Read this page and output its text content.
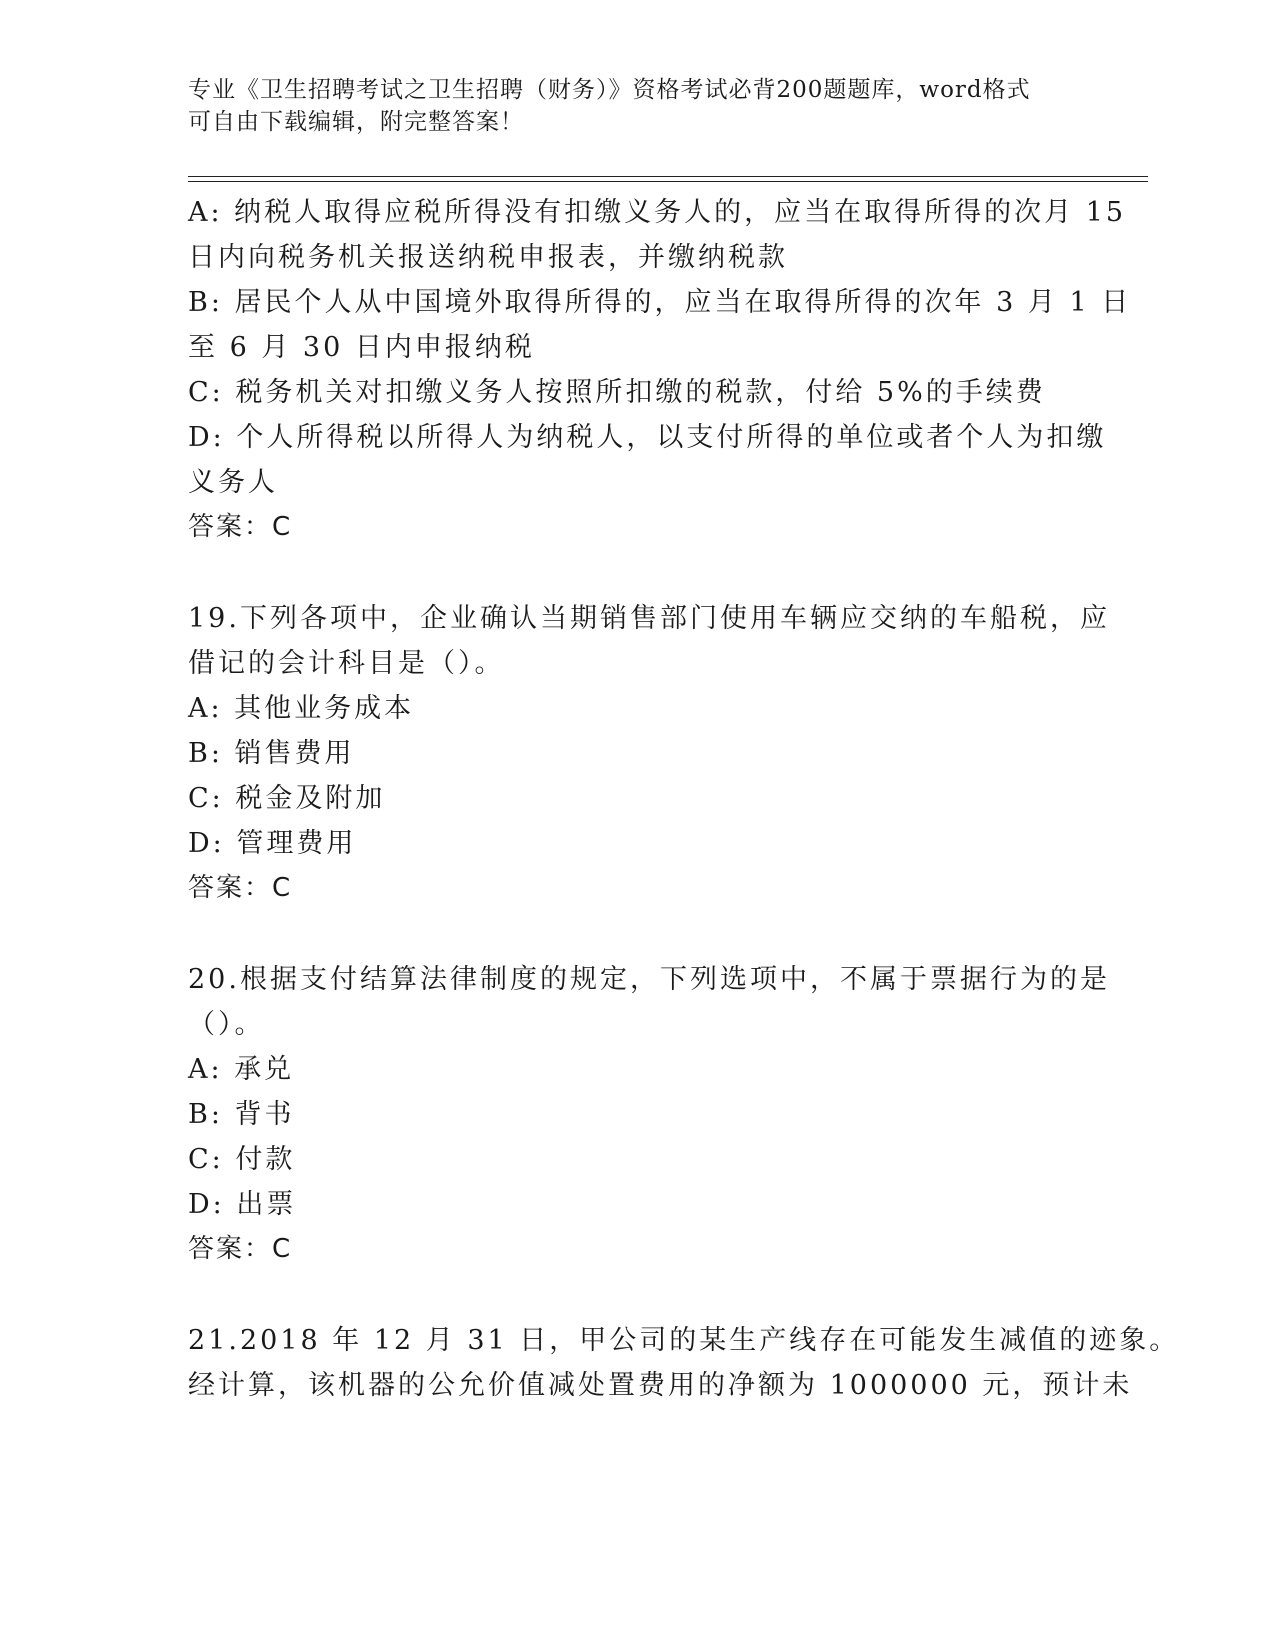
专业《卫生招聘考试之卫生招聘（财务）》资格考试必背200题题库，word格式
可自由下载编辑，附完整答案！
A: 纳税人取得应税所得没有扣缴义务人的，应当在取得所得的次月 15
日内向税务机关报送纳税申报表，并缴纳税款
B: 居民个人从中国境外取得所得的，应当在取得所得的次年 3 月 1 日
至 6 月 30 日内申报纳税
C: 税务机关对扣缴义务人按照所扣缴的税款，付给 5%的手续费
D: 个人所得税以所得人为纳税人，以支付所得的单位或者个人为扣缴
义务人
答案：C
19.下列各项中，企业确认当期销售部门使用车辆应交纳的车船税，应
借记的会计科目是（）。
A: 其他业务成本
B: 销售费用
C: 税金及附加
D: 管理费用
答案：C
20.根据支付结算法律制度的规定，下列选项中，不属于票据行为的是
（）。
A: 承兑
B: 背书
C: 付款
D: 出票
答案：C
21.2018 年 12 月 31 日，甲公司的某生产线存在可能发生减值的迹象。
经计算，该机器的公允价值减处置费用的净额为 1000000 元，预计未
